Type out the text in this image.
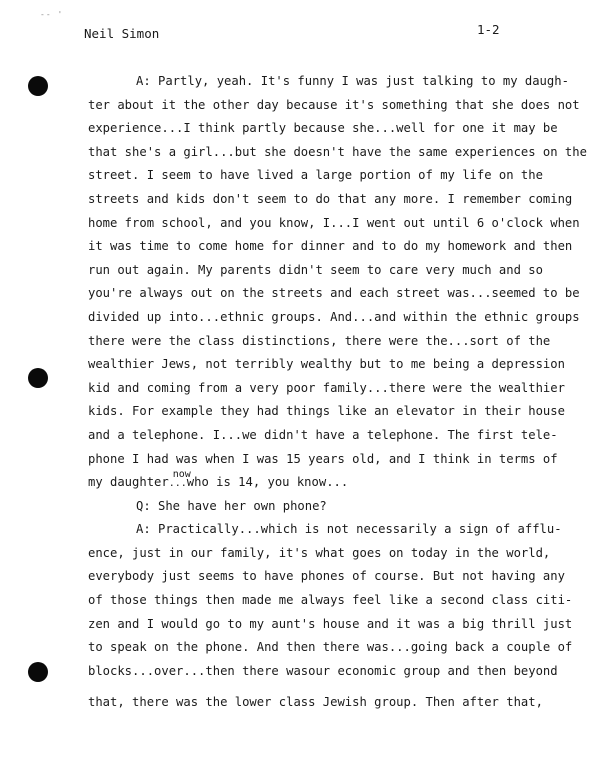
-- '
Neil Simon	1-2
A: Partly, yeah. It's funny I was just talking to my daugh-
ter about it the other day because it's something that she does not
experience...I think partly because she...well for one it may be
that she's a girl...but she doesn't have the same experiences on the
street. I seem to have lived a large portion of my life on the
streets and kids don't seem to do that any more. I remember coming
home from school, and you know, I...I went out until 6 o'clock when
it was time to come home for dinner and to do my homework and then
run out again. My parents didn't seem to care very much and so
you're always out on the streets and each street was...seemed to be
divided up into...ethnic groups. And...and within the ethnic groups
there were the class distinctions, there were the...sort of the
wealthier Jews, not terribly wealthy but to me being a depression
kid and coming from a very poor family...there were the wealthier
kids. For example they had things like an elevator in their house
and a telephone. I...we didn't have a telephone. The first tele-
phone I had was when I was 15 years old, and I think in terms of
my daughter
now
...who is 14, you know...
Q: She have her own phone?
A: Practically...which is not necessarily a sign of afflu-
ence, just in our family, it's what goes on today in the world,
everybody just seems to have phones of course. But not having any
of those things then made me always feel like a second class citi-
zen and I would go to my aunt's house and it was a big thrill just
to speak on the phone. And then there was...going back a couple of
blocks...over...then there wasour economic group and then beyond
that, there was the lower class Jewish group. Then after that,
